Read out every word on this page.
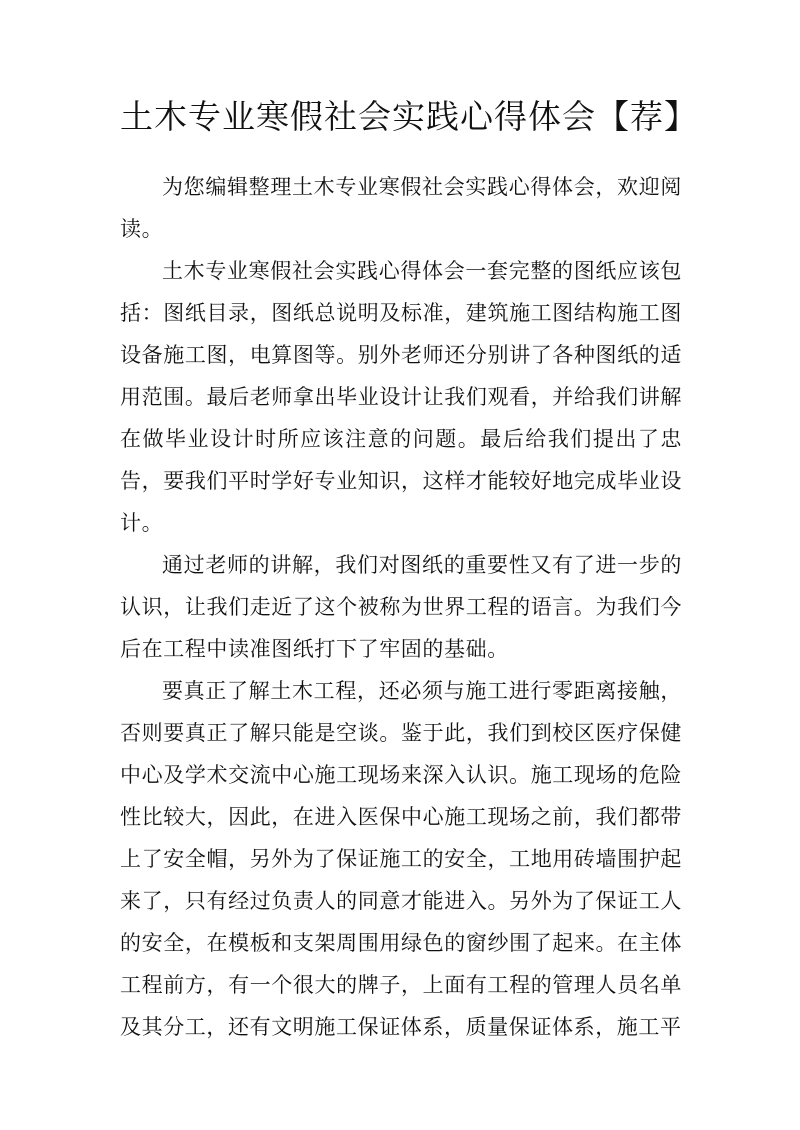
土木专业寒假社会实践心得体会【荐】

为您编辑整理土木专业寒假社会实践心得体会，欢迎阅读。

土木专业寒假社会实践心得体会一套完整的图纸应该包括：图纸目录，图纸总说明及标准，建筑施工图结构施工图设备施工图，电算图等。别外老师还分别讲了各种图纸的适用范围。最后老师拿出毕业设计让我们观看，并给我们讲解在做毕业设计时所应该注意的问题。最后给我们提出了忠告，要我们平时学好专业知识，这样才能较好地完成毕业设计。

通过老师的讲解，我们对图纸的重要性又有了进一步的认识，让我们走近了这个被称为世界工程的语言。为我们今后在工程中读准图纸打下了牢固的基础。

要真正了解土木工程，还必须与施工进行零距离接触，否则要真正了解只能是空谈。鉴于此，我们到校区医疗保健中心及学术交流中心施工现场来深入认识。施工现场的危险性比较大，因此，在进入医保中心施工现场之前，我们都带上了安全帽，另外为了保证施工的安全，工地用砖墙围护起来了，只有经过负责人的同意才能进入。另外为了保证工人的安全，在模板和支架周围用绿色的窗纱围了起来。在主体工程前方，有一个很大的牌子，上面有工程的管理人员名单及其分工，还有文明施工保证体系，质量保证体系，施工平
